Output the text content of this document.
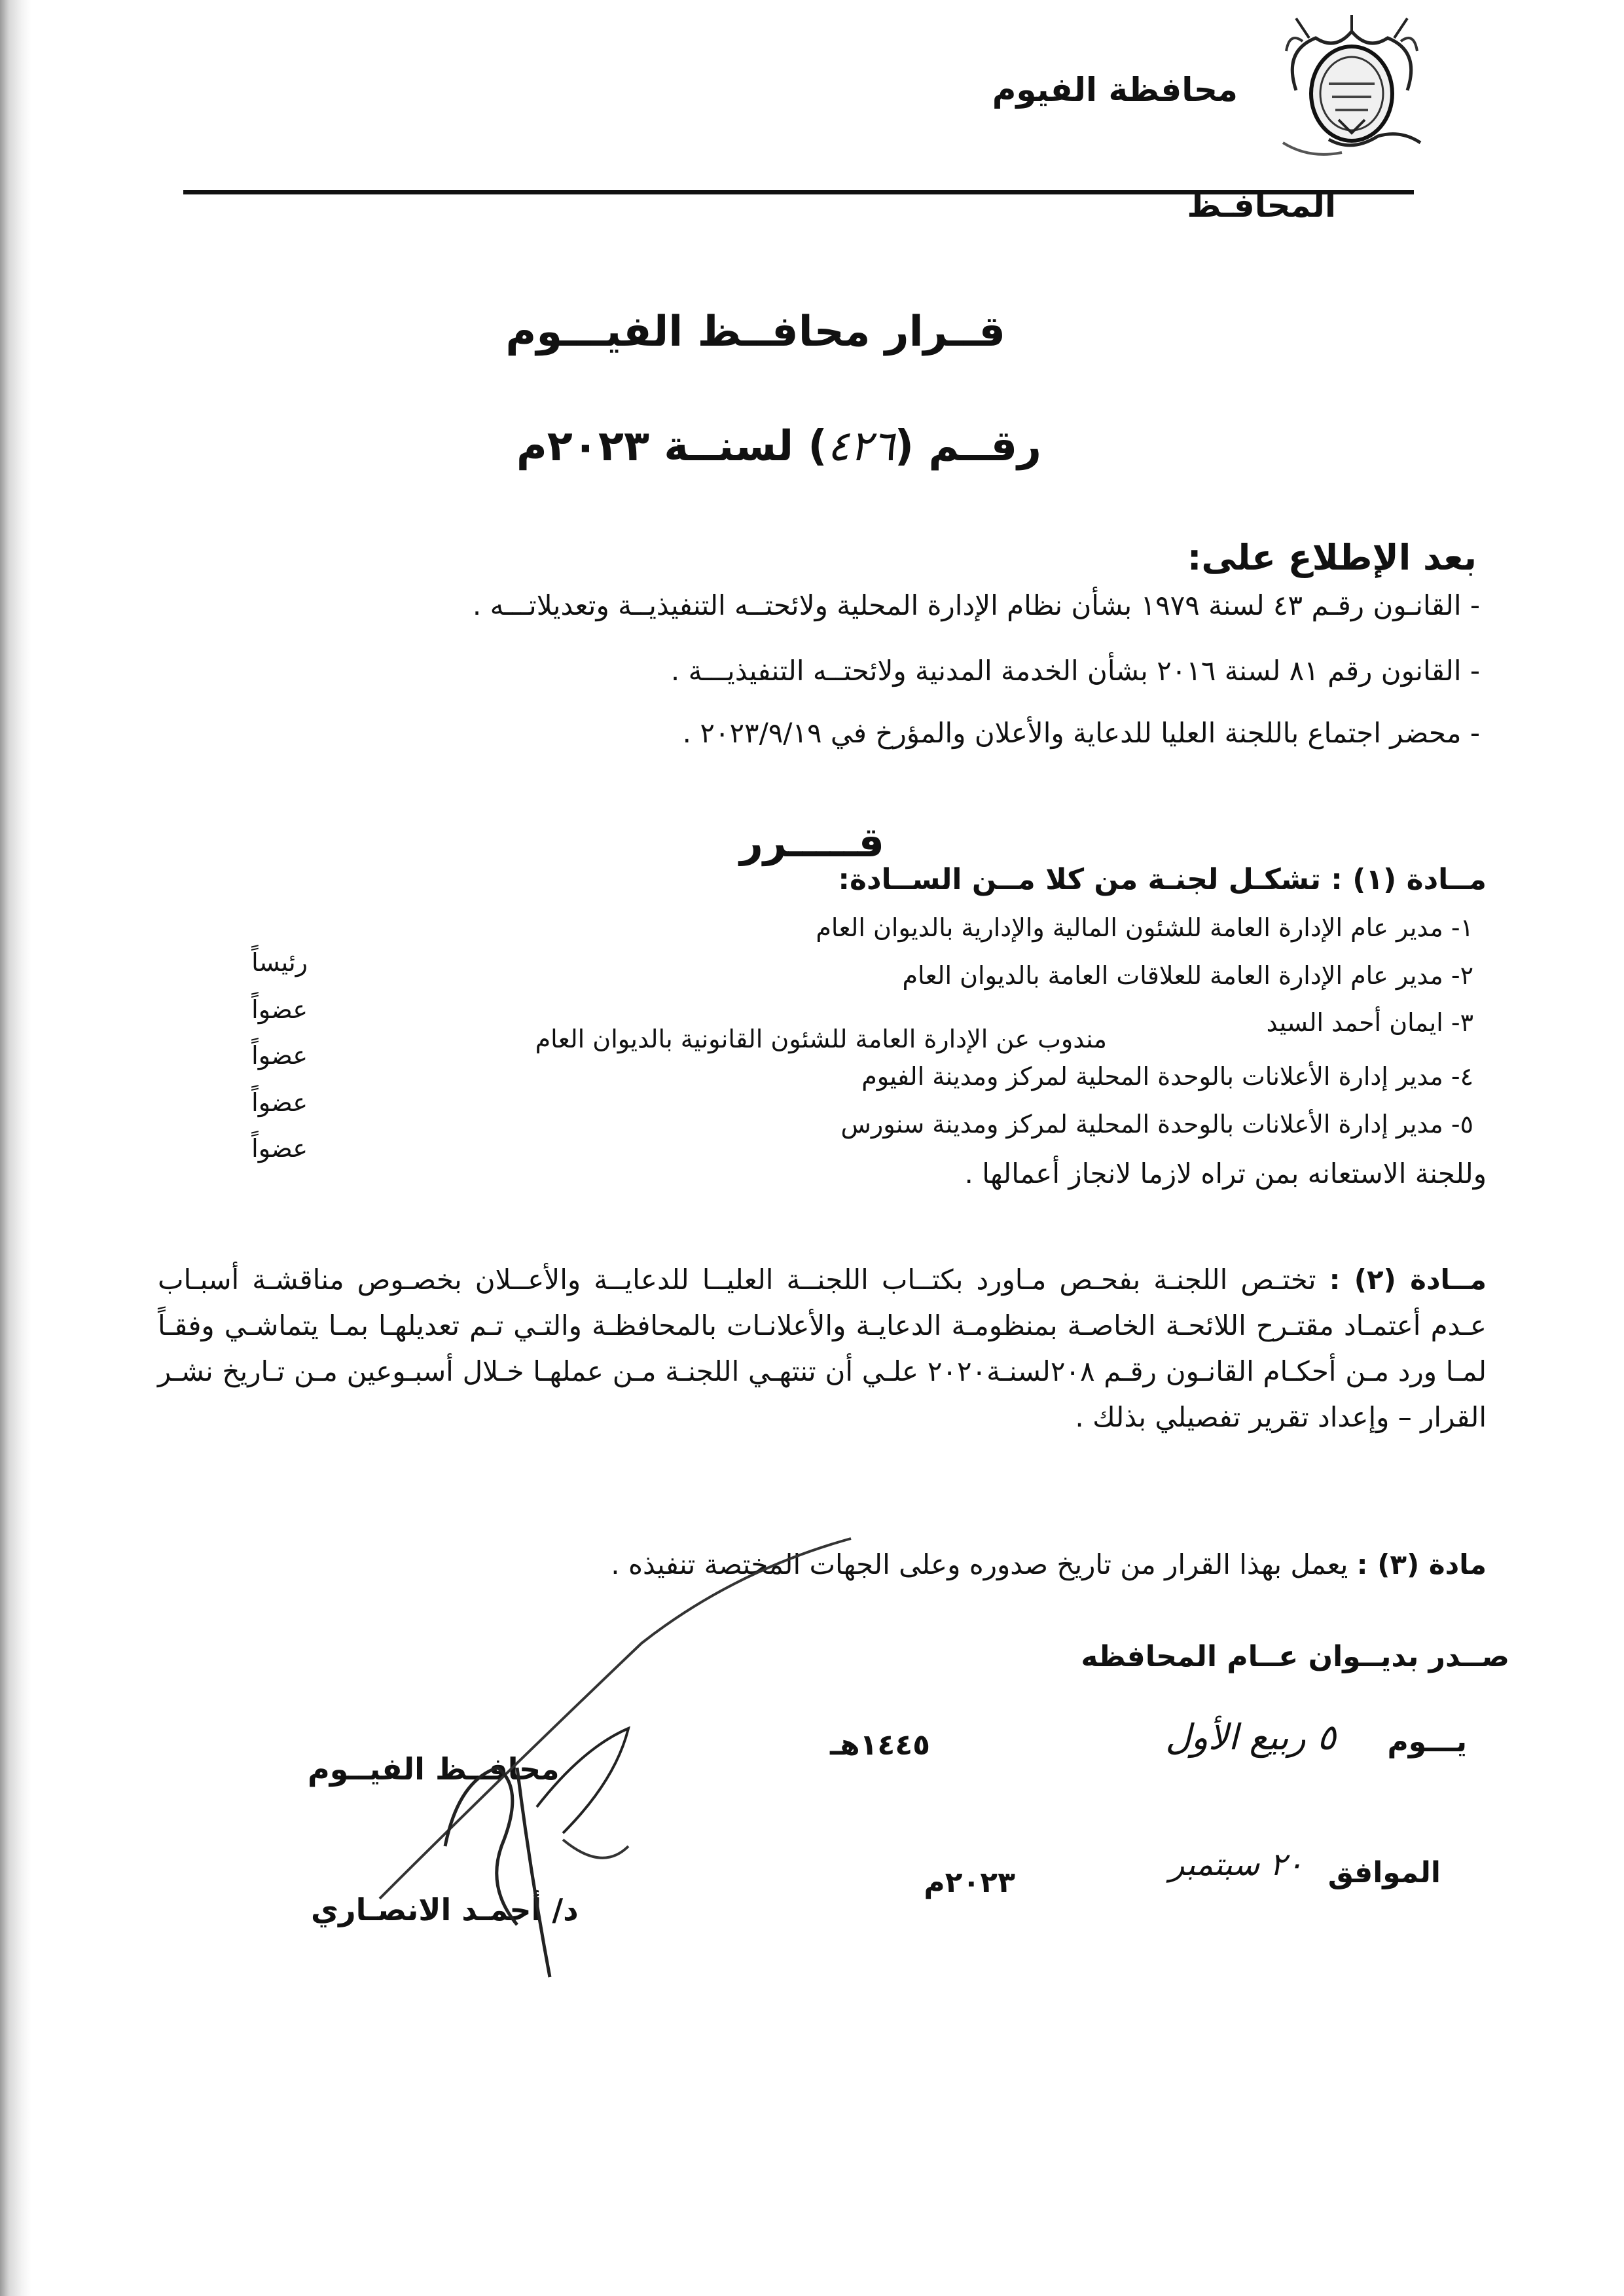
محافظة الفيوم
المحافـظ
قــرار محافــظ الفيـــوم
رقــم (٤٢٦) لسنــة ٢٠٢٣م
بعد الإطلاع على:
- القانـون رقـم ٤٣ لسنة ١٩٧٩ بشأن نظام الإدارة المحلية ولائحتــه التنفيذيــة وتعديلاتـــه .
- القانون رقم ٨١ لسنة ٢٠١٦ بشأن الخدمة المدنية ولائحتــه التنفيذيـــة .
- محضر اجتماع باللجنة العليا للدعاية والأعلان والمؤرخ في ٢٠٢٣/٩/١٩ .
قـــــرر
مــادة (١) : تشكـل لجنـة من كلا مــن الســادة:
١- مدير عام الإدارة العامة للشئون المالية والإدارية بالديوان العام
رئيساً	٢- مدير عام الإدارة العامة للعلاقات العامة بالديوان العام
عضواً	٣- ايمان أحمد السيد
مندوب عن الإدارة العامة للشئون القانونية بالديوان العام
عضواً
٤- مدير إدارة الأعلانات بالوحدة المحلية لمركز ومدينة الفيوم
عضواً
٥- مدير إدارة الأعلانات بالوحدة المحلية لمركز ومدينة سنورس
عضواً
وللجنة الاستعانه بمن تراه لازما لانجاز أعمالها .
مــادة (٢) : تختـص اللجنـة بفحـص مـاورد بكتــاب اللجنــة العليــا للدعايــة والأعــلان بخصـوص مناقشـة أسبـاب عـدم أعتمـاد مقتـرح اللائحـة الخاصـة بمنظومـة الدعايـة والأعلانـات بالمحافظـة والتـي تـم تعديلهـا بمـا يتماشـي وفقـاً لمـا ورد مـن أحكـام القانـون رقـم ٢٠٨لسنـة٢٠٢٠ علـي أن تنتهـي اللجنـة مـن عملهـا خـلال أسبـوعين مـن تـاريخ نشـر القرار – وإعداد تقرير تفصيلي بذلك .
مادة (٣) : يعمل بهذا القرار من تاريخ صدوره وعلى الجهات المختصة تنفيذه .
صــدر بديــوان عــام المحافظه
يـــوم
٥ ربيع الأول
١٤٤٥هـ
الموافق
٢٠ سبتمبر
٢٠٢٣م
محافــظ الفيــوم
د/ أحمـد الانصـاري
